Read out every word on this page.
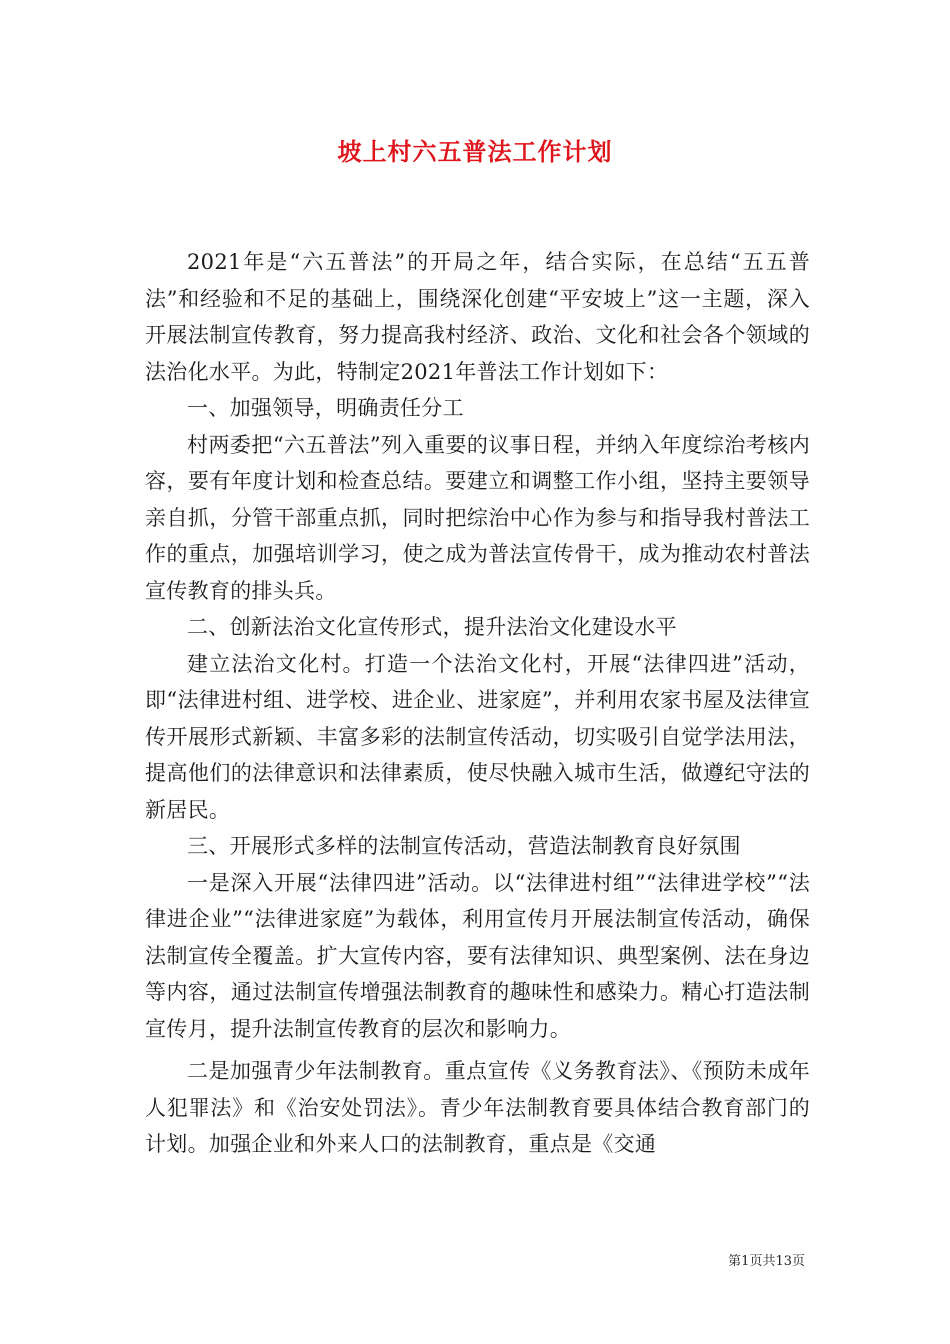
坡上村六五普法工作计划

2021年是“六五普法”的开局之年，结合实际，在总结“五五普法”和经验和不足的基础上，围绕深化创建“平安坡上”这一主题，深入开展法制宣传教育，努力提高我村经济、政治、文化和社会各个领域的法治化水平。为此，特制定2021年普法工作计划如下：

一、加强领导，明确责任分工

村两委把“六五普法”列入重要的议事日程，并纳入年度综治考核内容，要有年度计划和检查总结。要建立和调整工作小组，坚持主要领导亲自抓，分管干部重点抓，同时把综治中心作为参与和指导我村普法工作的重点，加强培训学习，使之成为普法宣传骨干，成为推动农村普法宣传教育的排头兵。

二、创新法治文化宣传形式，提升法治文化建设水平

建立法治文化村。打造一个法治文化村，开展“法律四进”活动，即“法律进村组、进学校、进企业、进家庭”，并利用农家书屋及法律宣传开展形式新颖、丰富多彩的法制宣传活动，切实吸引自觉学法用法，提高他们的法律意识和法律素质，使尽快融入城市生活，做遵纪守法的新居民。

三、开展形式多样的法制宣传活动，营造法制教育良好氛围

一是深入开展“法律四进”活动。以“法律进村组”“法律进学校”“法律进企业”“法律进家庭”为载体，利用宣传月开展法制宣传活动，确保法制宣传全覆盖。扩大宣传内容，要有法律知识、典型案例、法在身边等内容，通过法制宣传增强法制教育的趣味性和感染力。精心打造法制宣传月，提升法制宣传教育的层次和影响力。

二是加强青少年法制教育。重点宣传《义务教育法》、《预防未成年人犯罪法》和《治安处罚法》。青少年法制教育要具体结合教育部门的计划。加强企业和外来人口的法制教育，重点是《交通

第1页共13页
